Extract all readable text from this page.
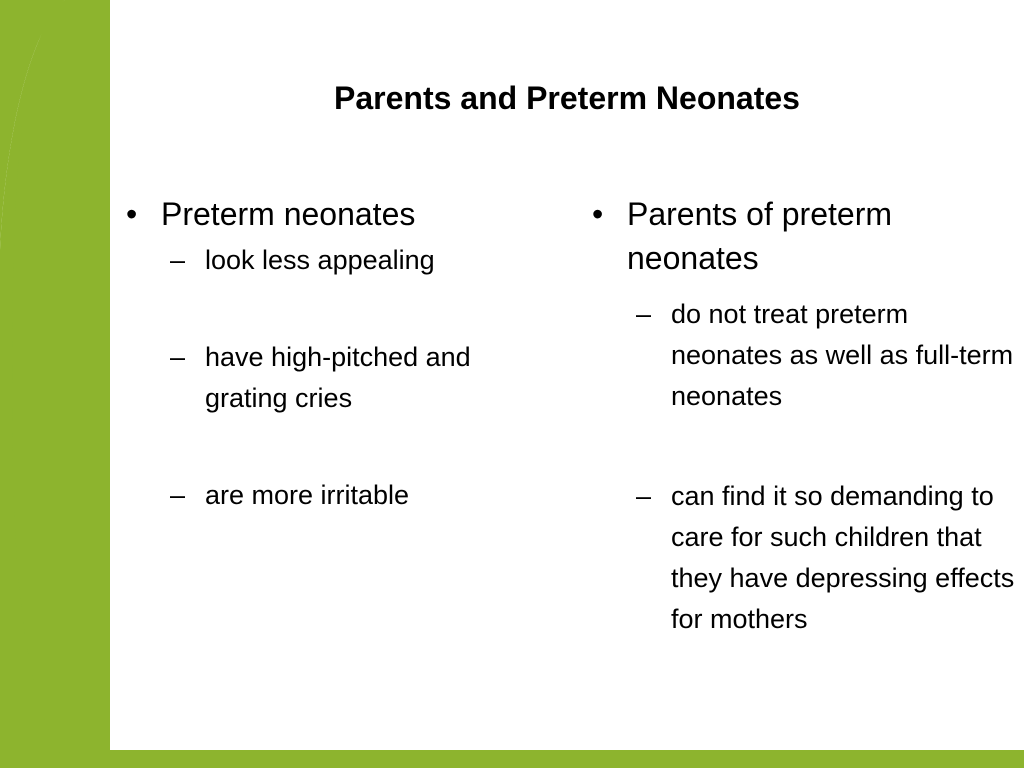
Parents and Preterm Neonates
• Preterm neonates
– look less appealing
– have high-pitched and grating cries
– are more irritable
• Parents of preterm neonates
– do not treat preterm neonates as well as full-term neonates
– can find it so demanding to care for such children that they have depressing effects for mothers
